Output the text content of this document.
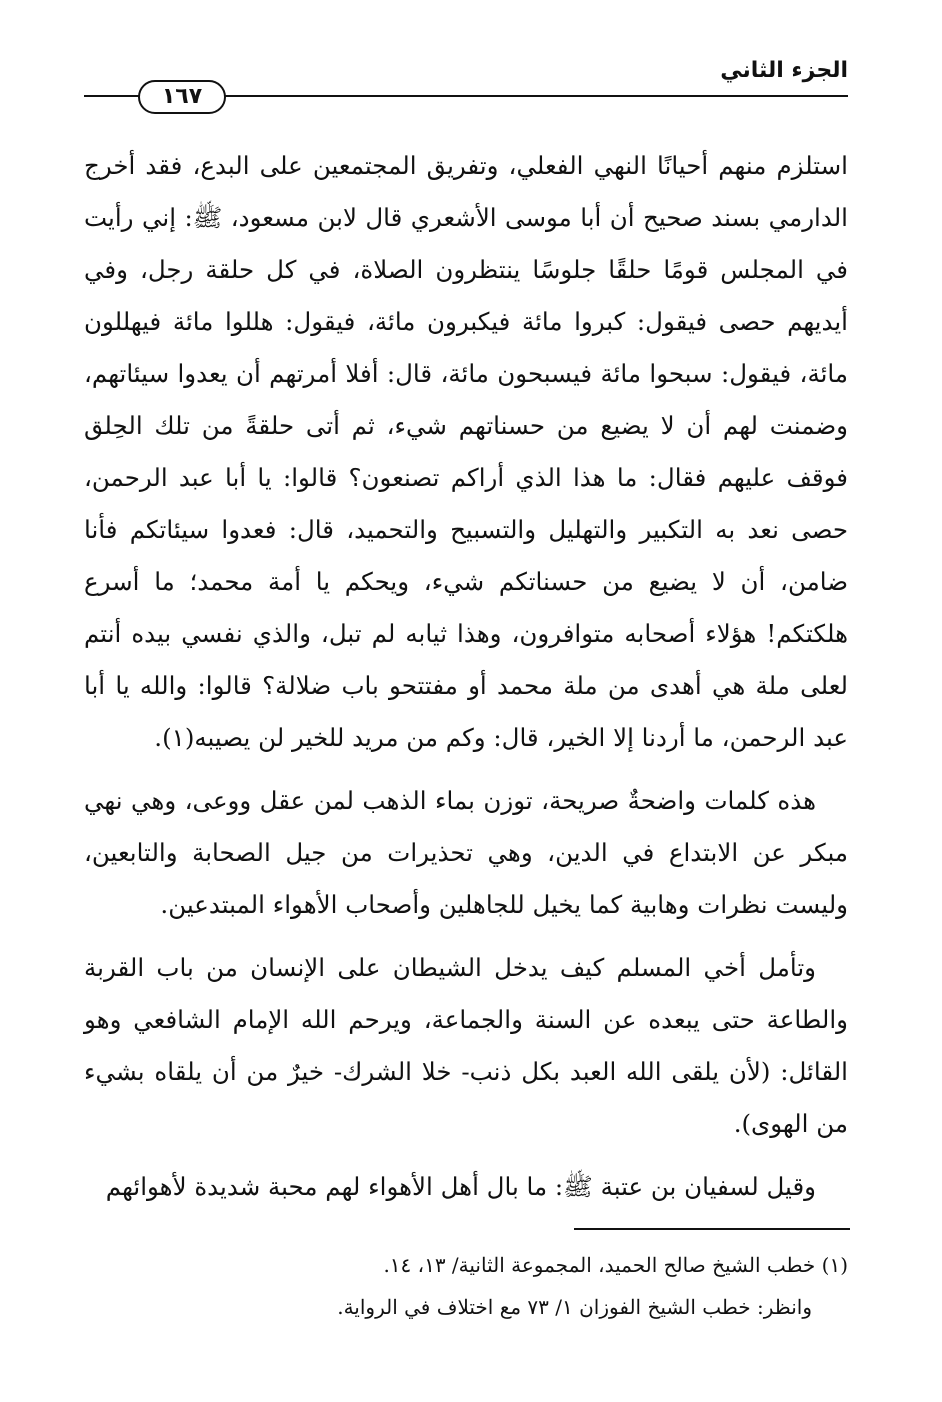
الجزء الثاني
١٦٧

استلزم منهم أحيانًا النهي الفعلي، وتفريق المجتمعين على البدع، فقد أخرج الدارمي بسند صحيح أن أبا موسى الأشعري قال لابن مسعود، ﷺ: إني رأيت في المجلس قومًا حلقًا جلوسًا ينتظرون الصلاة، في كل حلقة رجل، وفي أيديهم حصى فيقول: كبروا مائة فيكبرون مائة، فيقول: هللوا مائة فيهللون مائة، فيقول: سبحوا مائة فيسبحون مائة، قال: أفلا أمرتهم أن يعدوا سيئاتهم، وضمنت لهم أن لا يضيع من حسناتهم شيء، ثم أتى حلقةً من تلك الحِلق فوقف عليهم فقال: ما هذا الذي أراكم تصنعون؟ قالوا: يا أبا عبد الرحمن، حصى نعد به التكبير والتهليل والتسبيح والتحميد، قال: فعدوا سيئاتكم فأنا ضامن، أن لا يضيع من حسناتكم شيء، ويحكم يا أمة محمد؛ ما أسرع هلكتكم! هؤلاء أصحابه متوافرون، وهذا ثيابه لم تبل، والذي نفسي بيده أنتم لعلى ملة هي أهدى من ملة محمد أو مفتتحو باب ضلالة؟ قالوا: والله يا أبا عبد الرحمن، ما أردنا إلا الخير، قال: وكم من مريد للخير لن يصيبه(١).

هذه كلمات واضحةٌ صريحة، توزن بماء الذهب لمن عقل ووعى، وهي نهي مبكر عن الابتداع في الدين، وهي تحذيرات من جيل الصحابة والتابعين، وليست نظرات وهابية كما يخيل للجاهلين وأصحاب الأهواء المبتدعين.

وتأمل أخي المسلم كيف يدخل الشيطان على الإنسان من باب القربة والطاعة حتى يبعده عن السنة والجماعة، ويرحم الله الإمام الشافعي وهو القائل: (لأن يلقى الله العبد بكل ذنب- خلا الشرك- خيرٌ من أن يلقاه بشيء من الهوى).

وقيل لسفيان بن عتبة ﷺ: ما بال أهل الأهواء لهم محبة شديدة لأهوائهم

(١) خطب الشيخ صالح الحميد، المجموعة الثانية/ ١٣، ١٤.
وانظر: خطب الشيخ الفوزان ١/ ٧٣ مع اختلاف في الرواية.
